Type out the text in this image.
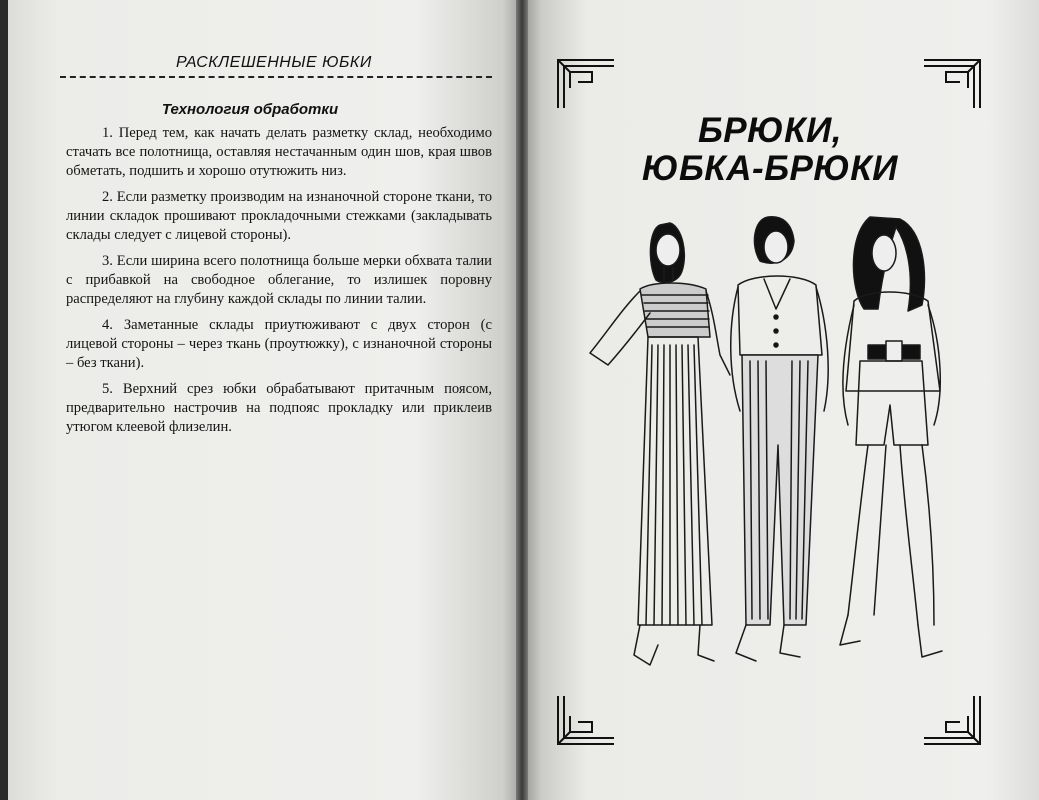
РАСКЛЕШЕННЫЕ ЮБКИ
Технология обработки

1. Перед тем, как начать делать разметку склад, необходимо стачать все полотнища, оставляя нестачанным один шов, края швов обметать, подшить и хорошо отутюжить низ.

2. Если разметку производим на изнаночной стороне ткани, то линии складок прошивают прокладочными стежками (закладывать склады следует с лицевой стороны).

3. Если ширина всего полотнища больше мерки обхвата талии с прибавкой на свободное облегание, то излишек поровну распределяют на глубину каждой склады по линии талии.

4. Заметанные склады приутюживают с двух сторон (с лицевой стороны – через ткань (проутюжку), с изнаночной стороны – без ткани).

5. Верхний срез юбки обрабатывают притачным поясом, предварительно настрочив на подпояс прокладку или приклеив утюгом клеевой флизелин.

БРЮКИ,
ЮБКА-БРЮКИ
